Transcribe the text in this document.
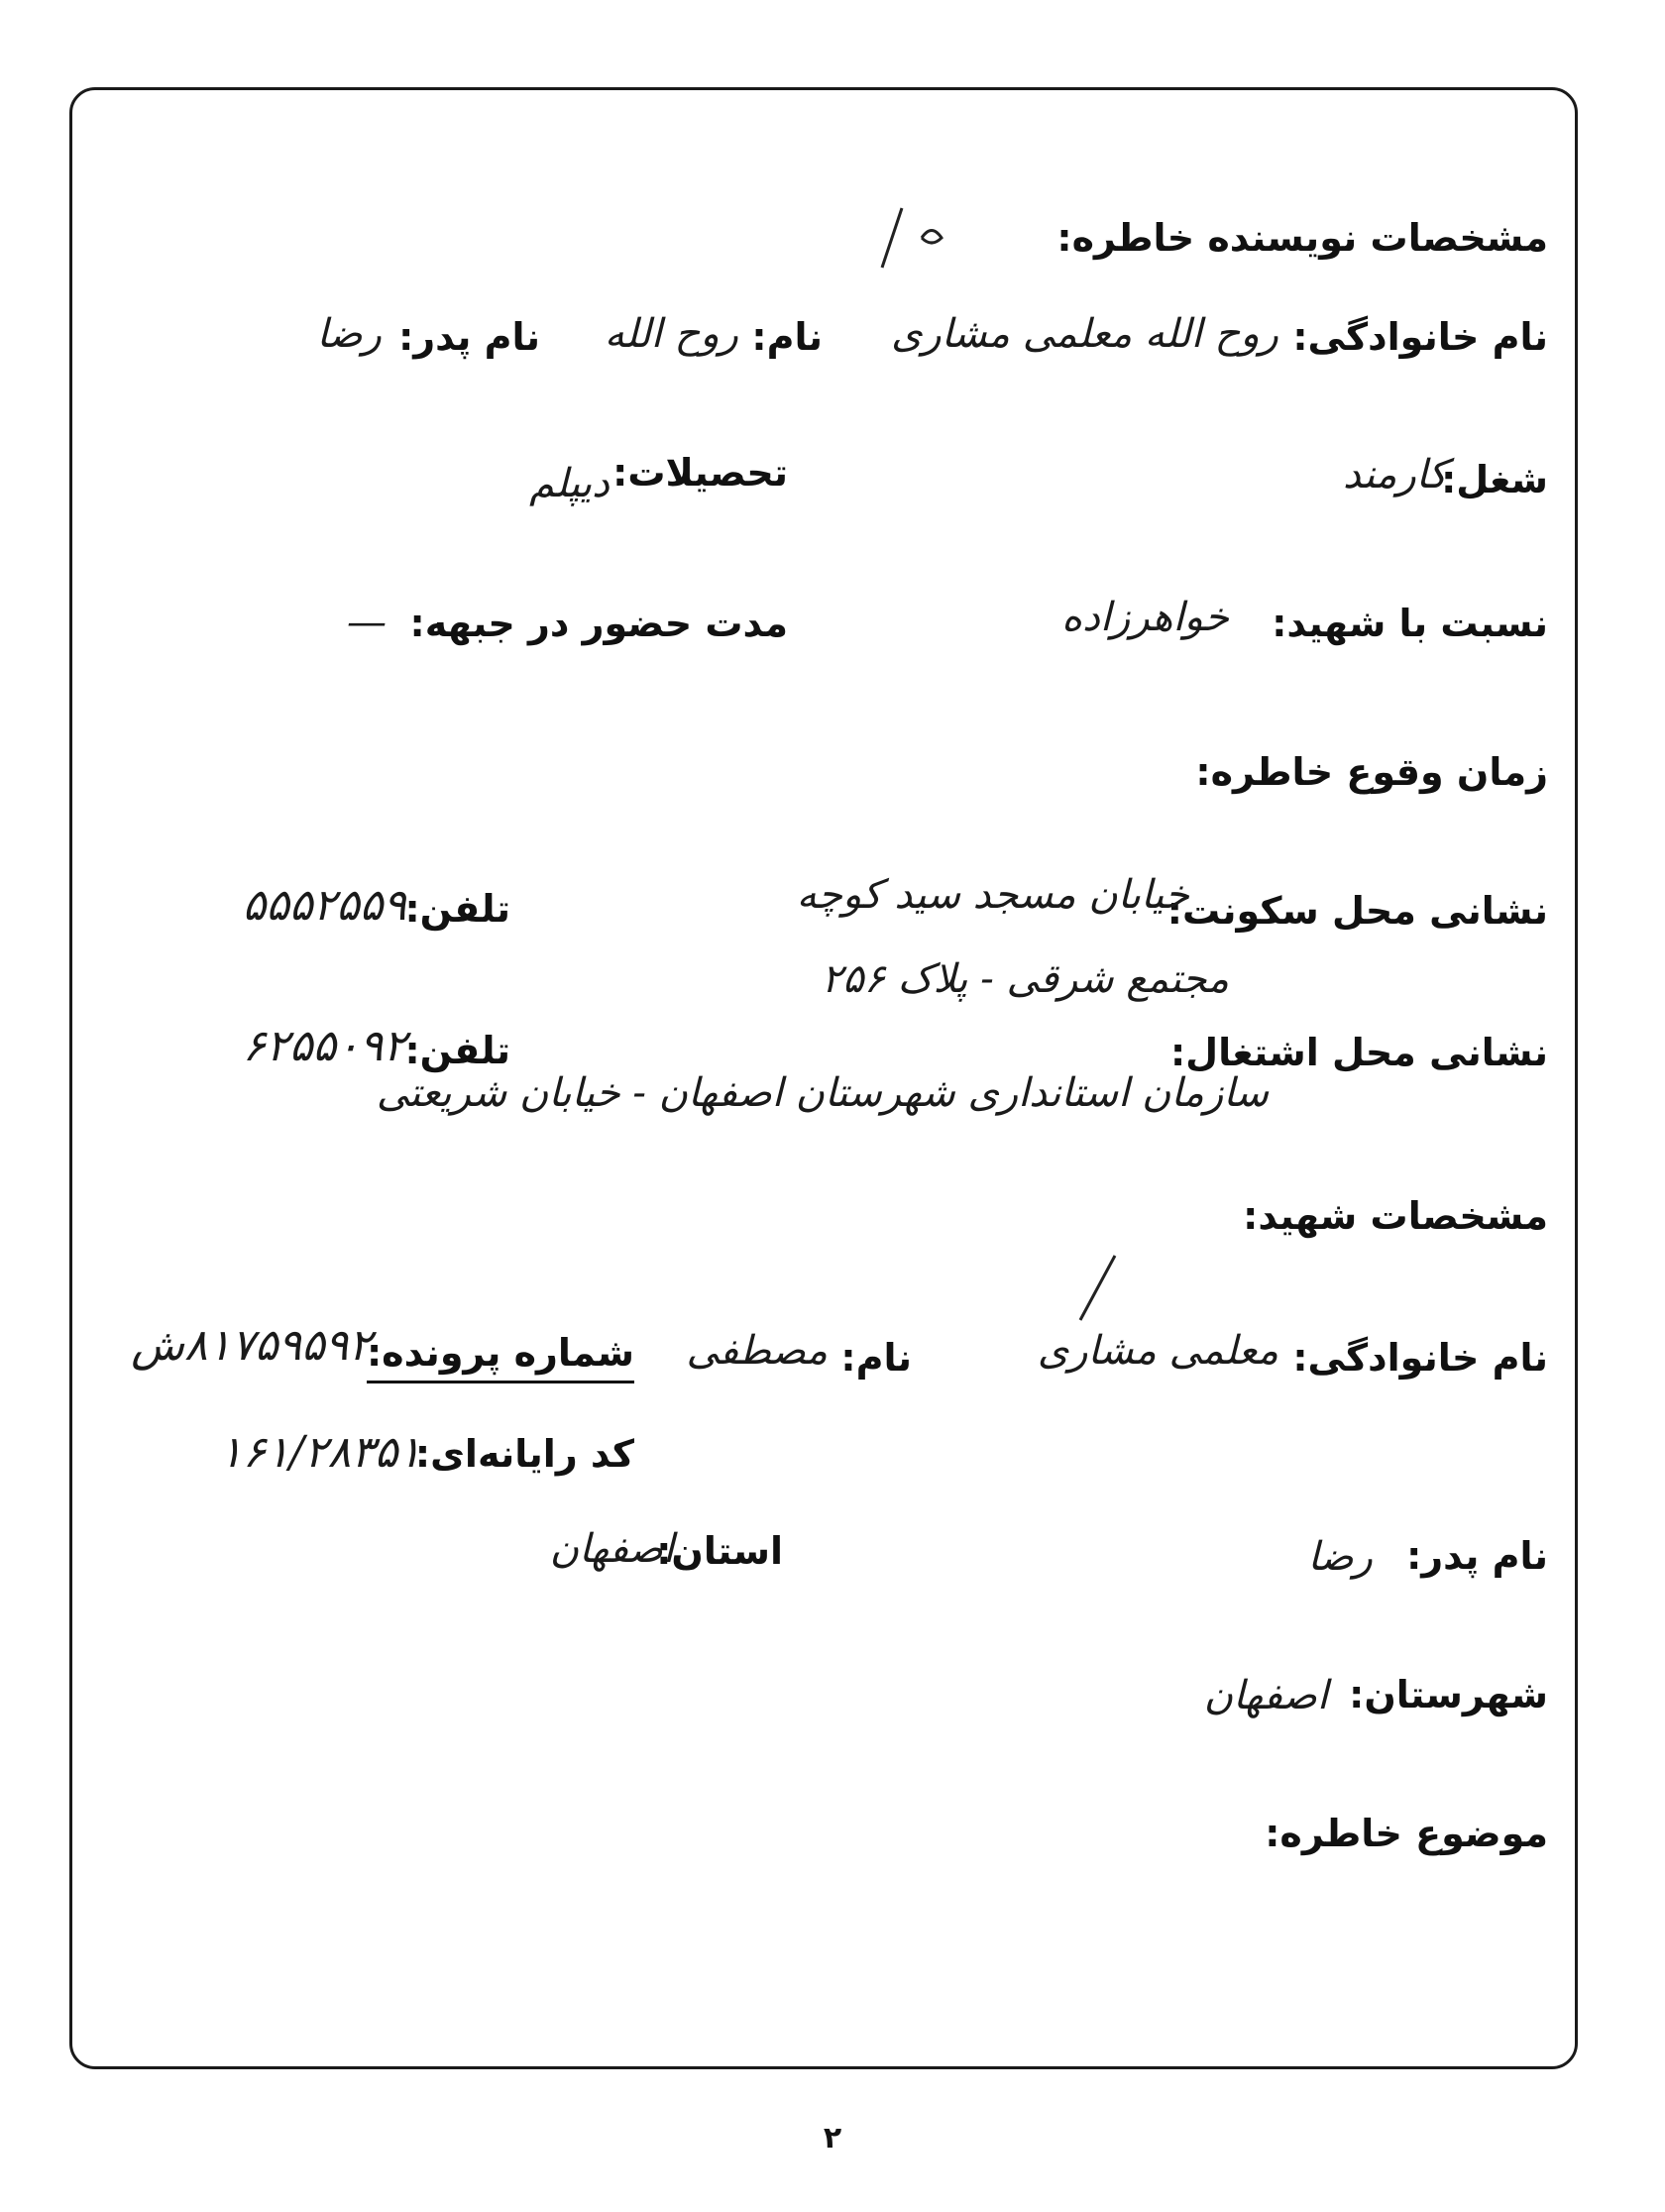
مشخصات نویسنده خاطره:
نام خانوادگی:
روح الله معلمی مشاری
نام:
روح الله
نام پدر:
رضا
شغل:
کارمند
تحصیلات:
دیپلم
نسبت با شهید:
خواهرزاده
مدت حضور در جبهه:
—
زمان وقوع خاطره:
نشانی محل سکونت:
خیابان مسجد سید کوچه
مجتمع شرقی - پلاک ۲۵۶
تلفن:
۵۵۵۲۵۵۹
نشانی محل اشتغال:
سازمان استانداری شهرستان اصفهان - خیابان شریعتی
تلفن:
۶۲۵۵۰۹۲
مشخصات شهید:
نام خانوادگی:
معلمی مشاری
نام:
مصطفی
شماره پرونده:
۸۱۷۵۹۵۹۲ش
کد رایانه‌ای:
۱۶۱/۲۸۳۵۱
نام پدر:
رضا
استان:
اصفهان
شهرستان:
اصفهان
موضوع خاطره:
۲
